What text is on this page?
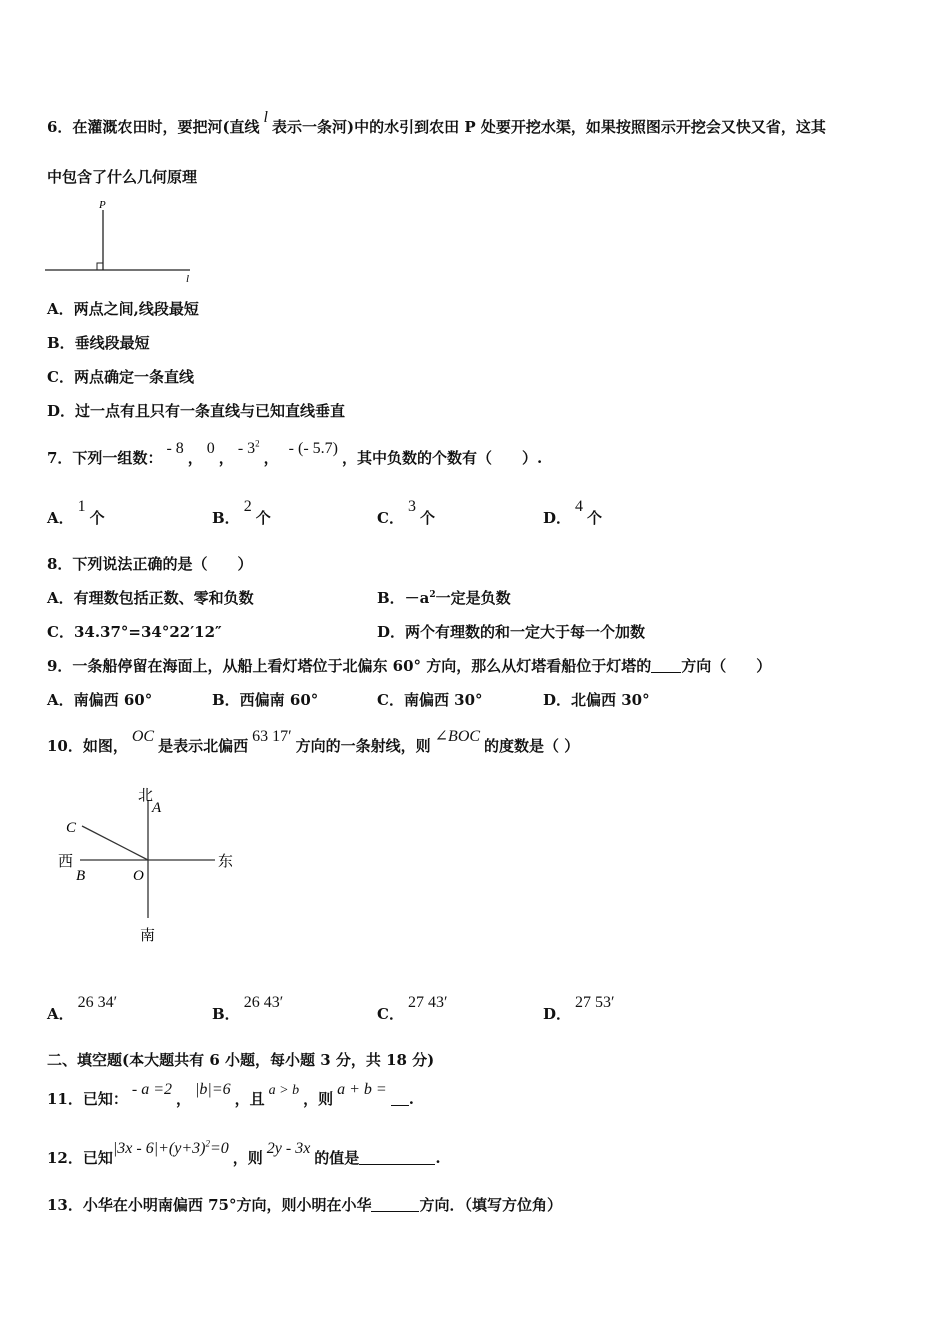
6．在灌溉农田时，要把河(直线l表示一条河)中的水引到农田 P 处要开挖水渠，如果按照图示开挖会又快又省，这其
中包含了什么几何原理
P
l
A．两点之间,线段最短
B．垂线段最短
C．两点确定一条直线
D．过一点有且只有一条直线与已知直线垂直
7．下列一组数：- 8，0，- $3^2$，- (- 5.7)，其中负数的个数有（　　）.
A．1个	B．2个	C．3个	D．4个
8．下列说法正确的是（　　）
A．有理数包括正数、零和负数	B．$-a^2$一定是负数
C．34.37°=34°22′12″	D．两个有理数的和一定大于每一个加数
9．一条船停留在海面上，从船上看灯塔位于北偏东 60° 方向，那么从灯塔看船位于灯塔的 方向（　　）
A．南偏西 60°	B．西偏南 60°	C．南偏西 30°	D．北偏西 30°
10．如图，OC是表示北偏西63 17′方向的一条射线，则∠BOC的度数是（ ）
北
A
C
西
B	O
东
南
A．26 34′
B．26 43′
C．27 43′
D．27 53′
二、填空题(本大题共有 6 小题，每小题 3 分，共 18 分)
11．已知：- a =2，|b|=6，且 a > b ，则a + b =.
12．已知$|3x - 6|+(y+3)^2=0$，则2y - 3x的值是	.
13．小华在小明南偏西 75°方向，则小明在小华	方向．（填写方位角）
